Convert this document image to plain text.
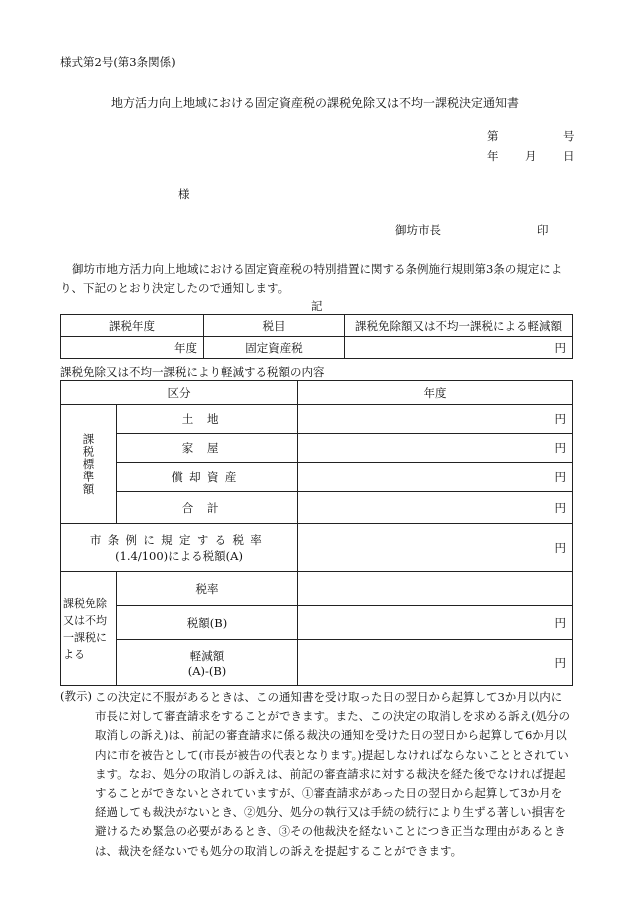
様式第2号(第3条関係)
地方活力向上地域における固定資産税の課税免除又は不均一課税決定通知書
第	号
年 月 日
様
御坊市長	印
御坊市地方活力向上地域における固定資産税の特別措置に関する条例施行規則第3条の規定により、下記のとおり決定したので通知します。
記
課税年度	税目	課税免除額又は不均一課税による軽減額
年度	固定資産税	円
課税免除又は不均一課税により軽減する税額の内容
区分		年度

課税標準額	土地	円
	家屋	円
	償却資産	円
	合計	円

市条例に規定する税率
(1.4/100)による税額(A)		円
課税免除又は不均一課税による	税率	
	税額(B)	円

	軽減額
(A)-(B)	円
(教示) この決定に不服があるときは、この通知書を受け取った日の翌日から起算して3か月以内に市長に対して審査請求をすることができます。また、この決定の取消しを求める訴え(処分の取消しの訴え)は、前記の審査請求に係る裁決の通知を受けた日の翌日から起算して6か月以内に市を被告として(市長が被告の代表となります。)提起しなければならないこととされています。なお、処分の取消しの訴えは、前記の審査請求に対する裁決を経た後でなければ提起することができないとされていますが、①審査請求があった日の翌日から起算して3か月を経過しても裁決がないとき、②処分、処分の執行又は手続の続行により生ずる著しい損害を避けるため緊急の必要があるとき、③その他裁決を経ないことにつき正当な理由があるときは、裁決を経ないでも処分の取消しの訴えを提起することができます。
